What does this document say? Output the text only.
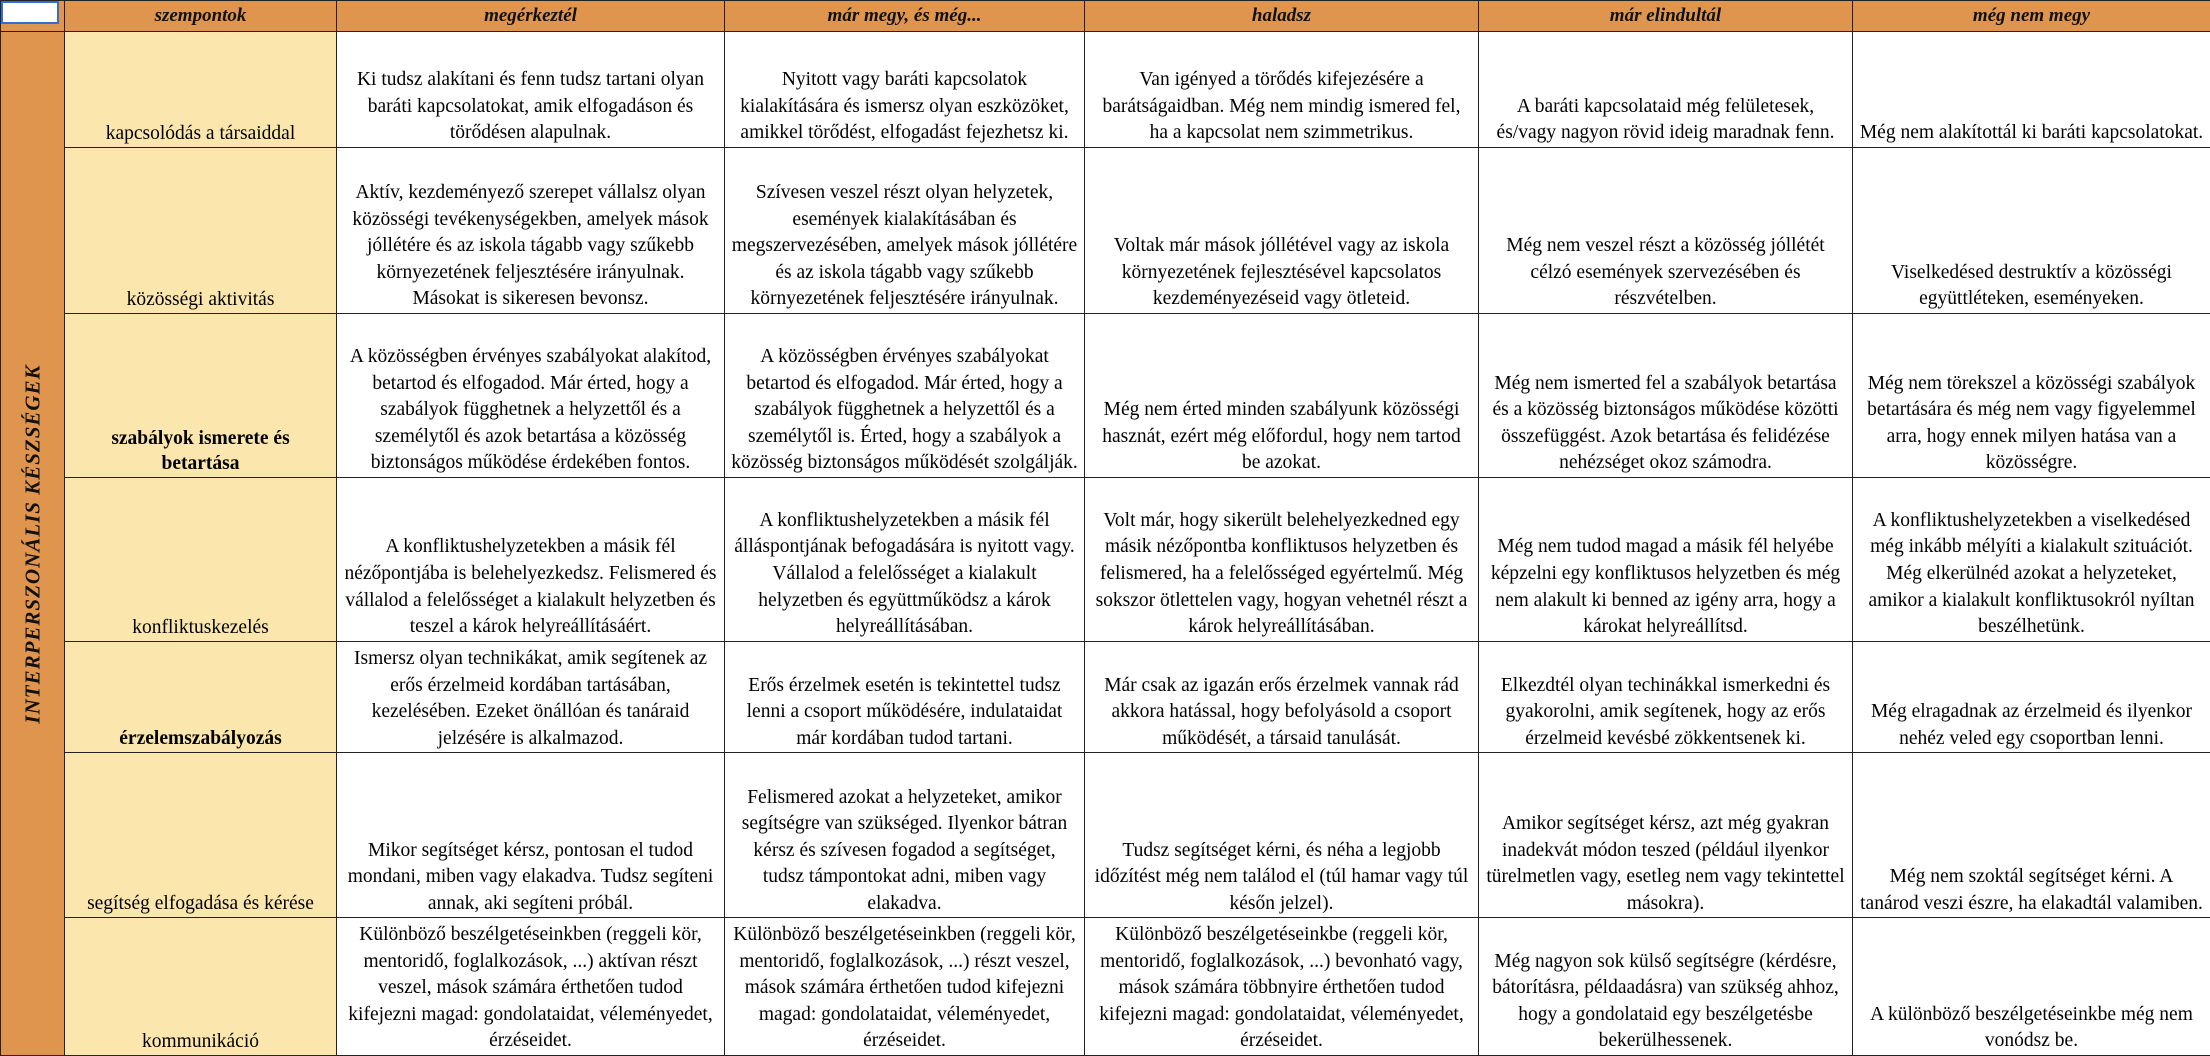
	szempontok	megérkeztél	már megy, és még...	haladsz	már elindultál	még nem megy

INTERPERSZONÁLIS KÉSZSÉGEK	kapcsolódás a társaiddal	Ki tudsz alakítani és fenn tudsz tartani olyan baráti kapcsolatokat, amik elfogadáson és törődésen alapulnak.	Nyitott vagy baráti kapcsolatok kialakítására és ismersz olyan eszközöket, amikkel törődést, elfogadást fejezhetsz ki.	Van igényed a törődés kifejezésére a barátságaidban. Még nem mindig ismered fel, ha a kapcsolat nem szimmetrikus.	A baráti kapcsolataid még felületesek, és/vagy nagyon rövid ideig maradnak fenn.	Még nem alakítottál ki baráti kapcsolatokat.
	közösségi aktivitás	Aktív, kezdeményező szerepet vállalsz olyan közösségi tevékenységekben, amelyek mások jóllétére és az iskola tágabb vagy szűkebb környezetének feljesztésére irányulnak. Másokat is sikeresen bevonsz.	Szívesen veszel részt olyan helyzetek, események kialakításában és megszervezésében, amelyek mások jóllétére és az iskola tágabb vagy szűkebb környezetének feljesztésére irányulnak.	Voltak már mások jóllétével vagy az iskola környezetének fejlesztésével kapcsolatos kezdeményezéseid vagy ötleteid.	Még nem veszel részt a közösség jóllétét célzó események szervezésében és részvételben.	Viselkedésed destruktív a közösségi együttléteken, eseményeken.
	szabályok ismerete és betartása	A közösségben érvényes szabályokat alakítod, betartod és elfogadod. Már érted, hogy a szabályok függhetnek a helyzettől és a személytől és azok betartása a közösség biztonságos működése érdekében fontos.	A közösségben érvényes szabályokat betartod és elfogadod. Már érted, hogy a szabályok függhetnek a helyzettől és a személytől is. Érted, hogy a szabályok a közösség biztonságos működését szolgálják.	Még nem érted minden szabályunk közösségi hasznát, ezért még előfordul, hogy nem tartod be azokat.	Még nem ismerted fel a szabályok betartása és a közösség biztonságos működése közötti összefüggést. Azok betartása és felidézése nehézséget okoz számodra.	Még nem törekszel a közösségi szabályok betartására és még nem vagy figyelemmel arra, hogy ennek milyen hatása van a közösségre.
	konfliktuskezelés	A konfliktushelyzetekben a másik fél nézőpontjába is belehelyezkedsz. Felismered és vállalod a felelősséget a kialakult helyzetben és teszel a károk helyreállításáért.	A konfliktushelyzetekben a másik fél álláspontjának befogadására is nyitott vagy. Vállalod a felelősséget a kialakult helyzetben és együttműködsz a károk helyreállításában.	Volt már, hogy sikerült belehelyezkedned egy másik nézőpontba konfliktusos helyzetben és felismered, ha a felelősséged egyértelmű. Még sokszor ötlettelen vagy, hogyan vehetnél részt a károk helyreállításában.	Még nem tudod magad a másik fél helyébe képzelni egy konfliktusos helyzetben és még nem alakult ki benned az igény arra, hogy a károkat helyreállítsd.	A konfliktushelyzetekben a viselkedésed még inkább mélyíti a kialakult szituációt. Még elkerülnéd azokat a helyzeteket, amikor a kialakult konfliktusokról nyíltan beszélhetünk.
	érzelemszabályozás	Ismersz olyan technikákat, amik segítenek az erős érzelmeid kordában tartásában, kezelésében. Ezeket önállóan és tanáraid jelzésére is alkalmazod.	Erős érzelmek esetén is tekintettel tudsz lenni a csoport működésére, indulataidat már kordában tudod tartani.	Már csak az igazán erős érzelmek vannak rád akkora hatással, hogy befolyásold a csoport működését, a társaid tanulását.	Elkezdtél olyan techinákkal ismerkedni és gyakorolni, amik segítenek, hogy az erős érzelmeid kevésbé zökkentsenek ki.	Még elragadnak az érzelmeid és ilyenkor nehéz veled egy csoportban lenni.
	segítség elfogadása és kérése	Mikor segítséget kérsz, pontosan el tudod mondani, miben vagy elakadva. Tudsz segíteni annak, aki segíteni próbál.	Felismered azokat a helyzeteket, amikor segítségre van szükséged. Ilyenkor bátran kérsz és szívesen fogadod a segítséget, tudsz támpontokat adni, miben vagy elakadva.	Tudsz segítséget kérni, és néha a legjobb időzítést még nem találod el (túl hamar vagy túl későn jelzel).	Amikor segítséget kérsz, azt még gyakran inadekvát módon teszed (például ilyenkor türelmetlen vagy, esetleg nem vagy tekintettel másokra).	Még nem szoktál segítséget kérni. A tanárod veszi észre, ha elakadtál valamiben.
	kommunikáció	Különböző beszélgetéseinkben (reggeli kör, mentoridő, foglalkozások, ...) aktívan részt veszel, mások számára érthetően tudod kifejezni magad: gondolataidat, véleményedet, érzéseidet.	Különböző beszélgetéseinkben (reggeli kör, mentoridő, foglalkozások, ...) részt veszel, mások számára érthetően tudod kifejezni magad: gondolataidat, véleményedet, érzéseidet.	Különböző beszélgetéseinkbe (reggeli kör, mentoridő, foglalkozások, ...) bevonható vagy, mások számára többnyire érthetően tudod kifejezni magad: gondolataidat, véleményedet, érzéseidet.	Még nagyon sok külső segítségre (kérdésre, bátorításra, példaadásra) van szükség ahhoz, hogy a gondolataid egy beszélgetésbe bekerülhessenek.	A különböző beszélgetéseinkbe még nem vonódsz be.
